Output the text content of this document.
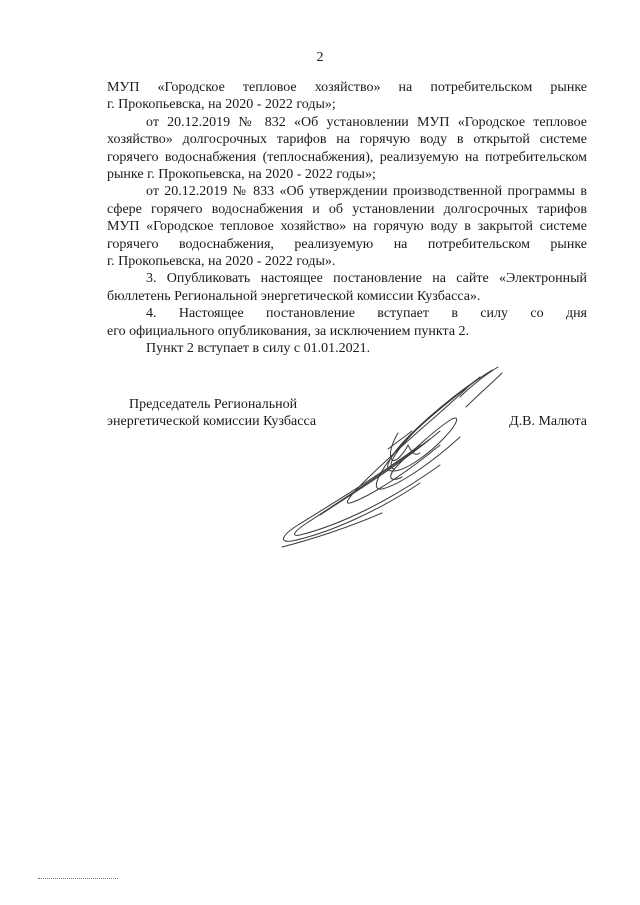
2

МУП «Городское тепловое хозяйство» на потребительском рынке
г. Прокопьевска, на 2020 - 2022 годы»;

от 20.12.2019 № 832 «Об установлении МУП «Городское тепловое
хозяйство» долгосрочных тарифов на горячую воду в открытой системе
горячего водоснабжения (теплоснабжения), реализуемую на потребительском
рынке г. Прокопьевска, на 2020 - 2022 годы»;

от 20.12.2019 № 833 «Об утверждении производственной программы в
сфере горячего водоснабжения и об установлении долгосрочных тарифов
МУП «Городское тепловое хозяйство» на горячую воду в закрытой системе
горячего водоснабжения, реализуемую на потребительском рынке
г. Прокопьевска, на 2020 - 2022 годы».

3. Опубликовать настоящее постановление на сайте «Электронный
бюллетень Региональной энергетической комиссии Кузбасса».

4. Настоящее постановление вступает в силу со дня
его официального опубликования, за исключением пункта 2.

Пункт 2 вступает в силу с 01.01.2021.

Председатель Региональной
энергетической комиссии Кузбасса	Д.В. Малюта
